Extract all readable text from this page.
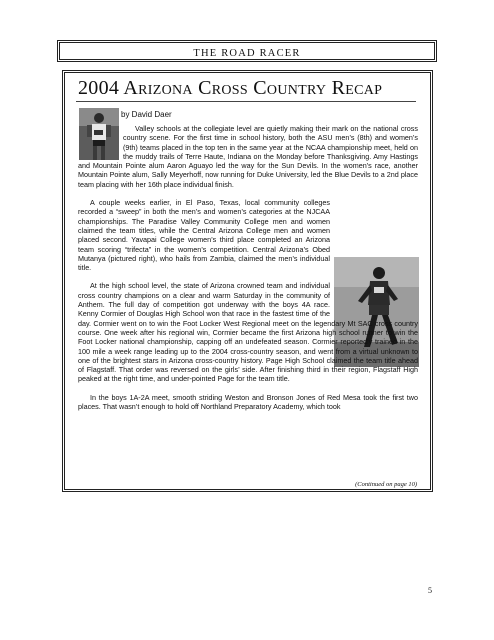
THE ROAD RACER
2004 Arizona Cross Country Recap
by David Daer

Valley schools at the collegiate level are quietly making their mark on the national cross country scene. For the first time in school history, both the ASU men’s (8th) and women’s (9th) teams placed in the top ten in the same year at the NCAA championship meet, held on the muddy trails of Terre Haute, Indiana on the Monday before Thanksgiving. Amy Hastings and Mountain Pointe alum Aaron Aguayo led the way for the Sun Devils. In the women’s race, another Mountain Pointe alum, Sally Meyerhoff, now running for Duke University, led the Blue Devils to a 2nd place team placing with her 16th place individual finish.

A couple weeks earlier, in El Paso, Texas, local community colleges recorded a “sweep” in both the men’s and women’s categories at the NJCAA championships. The Paradise Valley Community College men and women claimed the team titles, while the Central Arizona College men and women placed second. Yavapai College women’s third place completed an Arizona team scoring “trifecta” in the women’s competition. Central Arizona’s Obed Mutanya (pictured right), who hails from Zambia, claimed the men’s individual title.

At the high school level, the state of Arizona crowned team and individual cross country champions on a clear and warm Saturday in the community of Anthem. The full day of competition got underway with the boys 4A race. Kenny Cormier of Douglas High School won that race in the fastest time of the day. Cormier went on to win the Foot Locker West Regional meet on the legendary Mt SAC cross country course. One week after his regional win, Cormier became the first Arizona high school runner to win the Foot Locker national championship, capping off an undefeated season. Cormier reportedly trained in the 100 mile a week range leading up to the 2004 cross-country season, and went from a virtual unknown to one of the brightest stars in Arizona cross-country history. Page High School claimed the team title ahead of Flagstaff. That order was reversed on the girls’ side. After finishing third in their region, Flagstaff High peaked at the right time, and under-pointed Page for the team title.

In the boys 1A-2A meet, smooth striding Weston and Bronson Jones of Red Mesa took the first two places. That wasn’t enough to hold off Northland Preparatory Academy, which took

(Continued on page 10)
5
